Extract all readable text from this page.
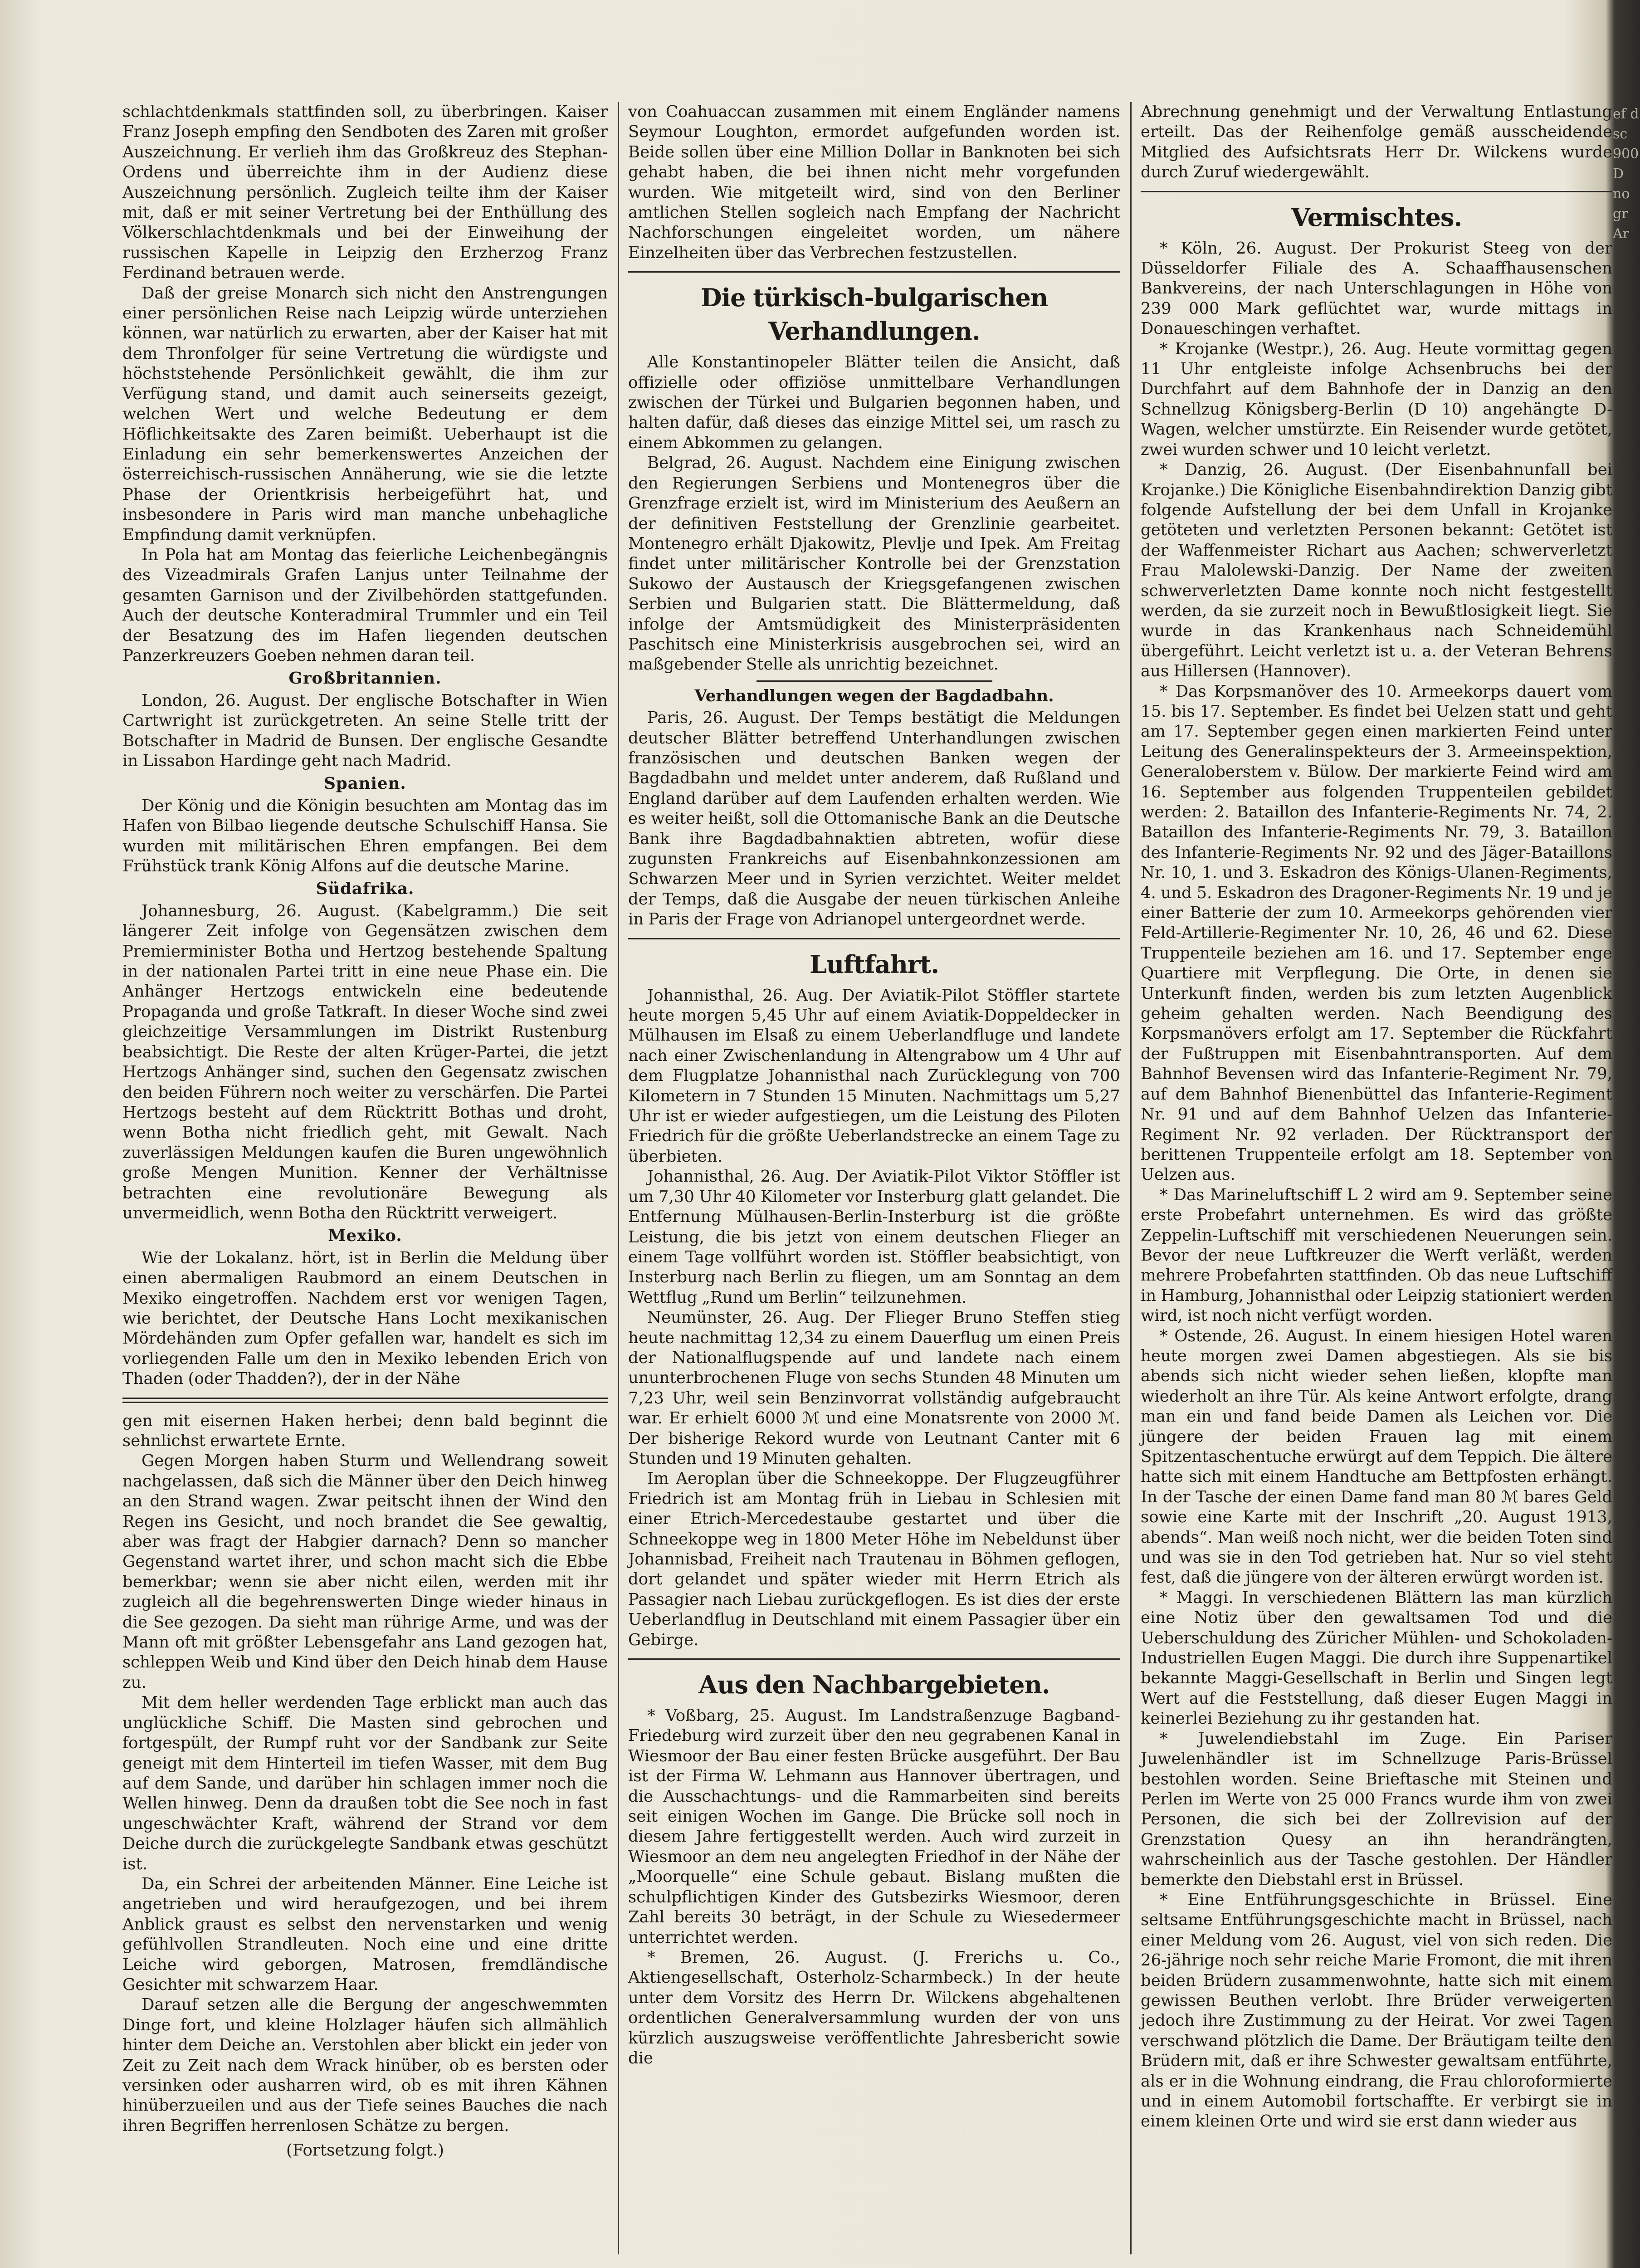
schlachtdenkmals stattfinden soll, zu überbringen. Kaiser Franz Joseph empfing den Sendboten des Zaren mit großer Auszeichnung. Er verlieh ihm das Großkreuz des Stephan-Ordens und überreichte ihm in der Audienz diese Auszeichnung persönlich. Zugleich teilte ihm der Kaiser mit, daß er mit seiner Vertretung bei der Enthüllung des Völkerschlachtdenkmals und bei der Einweihung der russischen Kapelle in Leipzig den Erzherzog Franz Ferdinand betrauen werde.

Daß der greise Monarch sich nicht den Anstrengungen einer persönlichen Reise nach Leipzig würde unterziehen können, war natürlich zu erwarten, aber der Kaiser hat mit dem Thronfolger für seine Vertretung die würdigste und höchststehende Persönlichkeit gewählt, die ihm zur Verfügung stand, und damit auch seinerseits gezeigt, welchen Wert und welche Bedeutung er dem Höflichkeitsakte des Zaren beimißt. Ueberhaupt ist die Einladung ein sehr bemerkenswertes Anzeichen der österreichisch-russischen Annäherung, wie sie die letzte Phase der Orientkrisis herbeigeführt hat, und insbesondere in Paris wird man manche unbehagliche Empfindung damit verknüpfen.

In Pola hat am Montag das feierliche Leichenbegängnis des Vizeadmirals Grafen Lanjus unter Teilnahme der gesamten Garnison und der Zivilbehörden stattgefunden. Auch der deutsche Konteradmiral Trummler und ein Teil der Besatzung des im Hafen liegenden deutschen Panzerkreuzers Goeben nehmen daran teil.

Großbritannien.

London, 26. August. Der englische Botschafter in Wien Cartwright ist zurückgetreten. An seine Stelle tritt der Botschafter in Madrid de Bunsen. Der englische Gesandte in Lissabon Hardinge geht nach Madrid.

Spanien.

Der König und die Königin besuchten am Montag das im Hafen von Bilbao liegende deutsche Schulschiff Hansa. Sie wurden mit militärischen Ehren empfangen. Bei dem Frühstück trank König Alfons auf die deutsche Marine.

Südafrika.

Johannesburg, 26. August. (Kabelgramm.) Die seit längerer Zeit infolge von Gegensätzen zwischen dem Premierminister Botha und Hertzog bestehende Spaltung in der nationalen Partei tritt in eine neue Phase ein. Die Anhänger Hertzogs entwickeln eine bedeutende Propaganda und große Tatkraft. In dieser Woche sind zwei gleichzeitige Versammlungen im Distrikt Rustenburg beabsichtigt. Die Reste der alten Krüger-Partei, die jetzt Hertzogs Anhänger sind, suchen den Gegensatz zwischen den beiden Führern noch weiter zu verschärfen. Die Partei Hertzogs besteht auf dem Rücktritt Bothas und droht, wenn Botha nicht friedlich geht, mit Gewalt. Nach zuverlässigen Meldungen kaufen die Buren ungewöhnlich große Mengen Munition. Kenner der Verhältnisse betrachten eine revolutionäre Bewegung als unvermeidlich, wenn Botha den Rücktritt verweigert.

Mexiko.

Wie der Lokalanz. hört, ist in Berlin die Meldung über einen abermaligen Raubmord an einem Deutschen in Mexiko eingetroffen. Nachdem erst vor wenigen Tagen, wie berichtet, der Deutsche Hans Locht mexikanischen Mördehänden zum Opfer gefallen war, handelt es sich im vorliegenden Falle um den in Mexiko lebenden Erich von Thaden (oder Thadden?), der in der Nähe

gen mit eisernen Haken herbei; denn bald beginnt die sehnlichst erwartete Ernte.

Gegen Morgen haben Sturm und Wellendrang soweit nachgelassen, daß sich die Männer über den Deich hinweg an den Strand wagen. Zwar peitscht ihnen der Wind den Regen ins Gesicht, und noch brandet die See gewaltig, aber was fragt der Habgier darnach? Denn so mancher Gegenstand wartet ihrer, und schon macht sich die Ebbe bemerkbar; wenn sie aber nicht eilen, werden mit ihr zugleich all die begehrenswerten Dinge wieder hinaus in die See gezogen. Da sieht man rührige Arme, und was der Mann oft mit größter Lebensgefahr ans Land gezogen hat, schleppen Weib und Kind über den Deich hinab dem Hause zu.

Mit dem heller werdenden Tage erblickt man auch das unglückliche Schiff. Die Masten sind gebrochen und fortgespült, der Rumpf ruht vor der Sandbank zur Seite geneigt mit dem Hinterteil im tiefen Wasser, mit dem Bug auf dem Sande, und darüber hin schlagen immer noch die Wellen hinweg. Denn da draußen tobt die See noch in fast ungeschwächter Kraft, während der Strand vor dem Deiche durch die zurückgelegte Sandbank etwas geschützt ist.

Da, ein Schrei der arbeitenden Männer. Eine Leiche ist angetrieben und wird heraufgezogen, und bei ihrem Anblick graust es selbst den nervenstarken und wenig gefühlvollen Strandleuten. Noch eine und eine dritte Leiche wird geborgen, Matrosen, fremdländische Gesichter mit schwarzem Haar.

Darauf setzen alle die Bergung der angeschwemmten Dinge fort, und kleine Holzlager häufen sich allmählich hinter dem Deiche an. Verstohlen aber blickt ein jeder von Zeit zu Zeit nach dem Wrack hinüber, ob es bersten oder versinken oder ausharren wird, ob es mit ihren Kähnen hinüberzueilen und aus der Tiefe seines Bauches die nach ihren Begriffen herrenlosen Schätze zu bergen.

(Fortsetzung folgt.)

von Coahuaccan zusammen mit einem Engländer namens Seymour Loughton, ermordet aufgefunden worden ist. Beide sollen über eine Million Dollar in Banknoten bei sich gehabt haben, die bei ihnen nicht mehr vorgefunden wurden. Wie mitgeteilt wird, sind von den Berliner amtlichen Stellen sogleich nach Empfang der Nachricht Nachforschungen eingeleitet worden, um nähere Einzelheiten über das Verbrechen festzustellen.

Die türkisch-bulgarischen Verhandlungen.

Alle Konstantinopeler Blätter teilen die Ansicht, daß offizielle oder offiziöse unmittelbare Verhandlungen zwischen der Türkei und Bulgarien begonnen haben, und halten dafür, daß dieses das einzige Mittel sei, um rasch zu einem Abkommen zu gelangen.

Belgrad, 26. August. Nachdem eine Einigung zwischen den Regierungen Serbiens und Montenegros über die Grenzfrage erzielt ist, wird im Ministerium des Aeußern an der definitiven Feststellung der Grenzlinie gearbeitet. Montenegro erhält Djakowitz, Plevlje und Ipek. Am Freitag findet unter militärischer Kontrolle bei der Grenzstation Sukowo der Austausch der Kriegsgefangenen zwischen Serbien und Bulgarien statt. Die Blättermeldung, daß infolge der Amtsmüdigkeit des Ministerpräsidenten Paschitsch eine Ministerkrisis ausgebrochen sei, wird an maßgebender Stelle als unrichtig bezeichnet.

Verhandlungen wegen der Bagdadbahn.

Paris, 26. August. Der Temps bestätigt die Meldungen deutscher Blätter betreffend Unterhandlungen zwischen französischen und deutschen Banken wegen der Bagdadbahn und meldet unter anderem, daß Rußland und England darüber auf dem Laufenden erhalten werden. Wie es weiter heißt, soll die Ottomanische Bank an die Deutsche Bank ihre Bagdadbahnaktien abtreten, wofür diese zugunsten Frankreichs auf Eisenbahnkonzessionen am Schwarzen Meer und in Syrien verzichtet. Weiter meldet der Temps, daß die Ausgabe der neuen türkischen Anleihe in Paris der Frage von Adrianopel untergeordnet werde.

Luftfahrt.

Johannisthal, 26. Aug. Der Aviatik-Pilot Stöffler startete heute morgen 5,45 Uhr auf einem Aviatik-Doppeldecker in Mülhausen im Elsaß zu einem Ueberlandfluge und landete nach einer Zwischenlandung in Altengrabow um 4 Uhr auf dem Flugplatze Johannisthal nach Zurücklegung von 700 Kilometern in 7 Stunden 15 Minuten. Nachmittags um 5,27 Uhr ist er wieder aufgestiegen, um die Leistung des Piloten Friedrich für die größte Ueberlandstrecke an einem Tage zu überbieten.

Johannisthal, 26. Aug. Der Aviatik-Pilot Viktor Stöffler ist um 7,30 Uhr 40 Kilometer vor Insterburg glatt gelandet. Die Entfernung Mülhausen-Berlin-Insterburg ist die größte Leistung, die bis jetzt von einem deutschen Flieger an einem Tage vollführt worden ist. Stöffler beabsichtigt, von Insterburg nach Berlin zu fliegen, um am Sonntag an dem Wettflug „Rund um Berlin“ teilzunehmen.

Neumünster, 26. Aug. Der Flieger Bruno Steffen stieg heute nachmittag 12,34 zu einem Dauerflug um einen Preis der Nationalflugspende auf und landete nach einem ununterbrochenen Fluge von sechs Stunden 48 Minuten um 7,23 Uhr, weil sein Benzinvorrat vollständig aufgebraucht war. Er erhielt 6000 ℳ und eine Monatsrente von 2000 ℳ. Der bisherige Rekord wurde von Leutnant Canter mit 6 Stunden und 19 Minuten gehalten.

Im Aeroplan über die Schneekoppe. Der Flugzeugführer Friedrich ist am Montag früh in Liebau in Schlesien mit einer Etrich-Mercedestaube gestartet und über die Schneekoppe weg in 1800 Meter Höhe im Nebeldunst über Johannisbad, Freiheit nach Trautenau in Böhmen geflogen, dort gelandet und später wieder mit Herrn Etrich als Passagier nach Liebau zurückgeflogen. Es ist dies der erste Ueberlandflug in Deutschland mit einem Passagier über ein Gebirge.

Aus den Nachbargebieten.

* Voßbarg, 25. August. Im Landstraßenzuge Bagband-Friedeburg wird zurzeit über den neu gegrabenen Kanal in Wiesmoor der Bau einer festen Brücke ausgeführt. Der Bau ist der Firma W. Lehmann aus Hannover übertragen, und die Ausschachtungs- und die Rammarbeiten sind bereits seit einigen Wochen im Gange. Die Brücke soll noch in diesem Jahre fertiggestellt werden. Auch wird zurzeit in Wiesmoor an dem neu angelegten Friedhof in der Nähe der „Moorquelle“ eine Schule gebaut. Bislang mußten die schulpflichtigen Kinder des Gutsbezirks Wiesmoor, deren Zahl bereits 30 beträgt, in der Schule zu Wiesedermeer unterrichtet werden.

* Bremen, 26. August. (J. Frerichs u. Co., Aktiengesellschaft, Osterholz-Scharmbeck.) In der heute unter dem Vorsitz des Herrn Dr. Wilckens abgehaltenen ordentlichen Generalversammlung wurden der von uns kürzlich auszugsweise veröffentlichte Jahresbericht sowie die

Abrechnung genehmigt und der Verwaltung Entlastung erteilt. Das der Reihenfolge gemäß ausscheidende Mitglied des Aufsichtsrats Herr Dr. Wilckens wurde durch Zuruf wiedergewählt.

Vermischtes.

* Köln, 26. August. Der Prokurist Steeg von der Düsseldorfer Filiale des A. Schaaffhausenschen Bankvereins, der nach Unterschlagungen in Höhe von 239 000 Mark geflüchtet war, wurde mittags in Donaueschingen verhaftet.

* Krojanke (Westpr.), 26. Aug. Heute vormittag gegen 11 Uhr entgleiste infolge Achsenbruchs bei der Durchfahrt auf dem Bahnhofe der in Danzig an den Schnellzug Königsberg-Berlin (D 10) angehängte D-Wagen, welcher umstürzte. Ein Reisender wurde getötet, zwei wurden schwer und 10 leicht verletzt.

* Danzig, 26. August. (Der Eisenbahnunfall bei Krojanke.) Die Königliche Eisenbahndirektion Danzig gibt folgende Aufstellung der bei dem Unfall in Krojanke getöteten und verletzten Personen bekannt: Getötet ist der Waffenmeister Richart aus Aachen; schwerverletzt Frau Malolewski-Danzig. Der Name der zweiten schwerverletzten Dame konnte noch nicht festgestellt werden, da sie zurzeit noch in Bewußtlosigkeit liegt. Sie wurde in das Krankenhaus nach Schneidemühl übergeführt. Leicht verletzt ist u. a. der Veteran Behrens aus Hillersen (Hannover).

* Das Korpsmanöver des 10. Armeekorps dauert vom 15. bis 17. September. Es findet bei Uelzen statt und geht am 17. September gegen einen markierten Feind unter Leitung des Generalinspekteurs der 3. Armeeinspektion, Generaloberstem v. Bülow. Der markierte Feind wird am 16. September aus folgenden Truppenteilen gebildet werden: 2. Bataillon des Infanterie-Regiments Nr. 74, 2. Bataillon des Infanterie-Regiments Nr. 79, 3. Bataillon des Infanterie-Regiments Nr. 92 und des Jäger-Bataillons Nr. 10, 1. und 3. Eskadron des Königs-Ulanen-Regiments, 4. und 5. Eskadron des Dragoner-Regiments Nr. 19 und je einer Batterie der zum 10. Armeekorps gehörenden vier Feld-Artillerie-Regimenter Nr. 10, 26, 46 und 62. Diese Truppenteile beziehen am 16. und 17. September enge Quartiere mit Verpflegung. Die Orte, in denen sie Unterkunft finden, werden bis zum letzten Augenblick geheim gehalten werden. Nach Beendigung des Korpsmanövers erfolgt am 17. September die Rückfahrt der Fußtruppen mit Eisenbahntransporten. Auf dem Bahnhof Bevensen wird das Infanterie-Regiment Nr. 79, auf dem Bahnhof Bienenbüttel das Infanterie-Regiment Nr. 91 und auf dem Bahnhof Uelzen das Infanterie-Regiment Nr. 92 verladen. Der Rücktransport der berittenen Truppenteile erfolgt am 18. September von Uelzen aus.

* Das Marineluftschiff L 2 wird am 9. September seine erste Probefahrt unternehmen. Es wird das größte Zeppelin-Luftschiff mit verschiedenen Neuerungen sein. Bevor der neue Luftkreuzer die Werft verläßt, werden mehrere Probefahrten stattfinden. Ob das neue Luftschiff in Hamburg, Johannisthal oder Leipzig stationiert werden wird, ist noch nicht verfügt worden.

* Ostende, 26. August. In einem hiesigen Hotel waren heute morgen zwei Damen abgestiegen. Als sie bis abends sich nicht wieder sehen ließen, klopfte man wiederholt an ihre Tür. Als keine Antwort erfolgte, drang man ein und fand beide Damen als Leichen vor. Die jüngere der beiden Frauen lag mit einem Spitzentaschentuche erwürgt auf dem Teppich. Die ältere hatte sich mit einem Handtuche am Bettpfosten erhängt. In der Tasche der einen Dame fand man 80 ℳ bares Geld sowie eine Karte mit der Inschrift „20. August 1913, abends“. Man weiß noch nicht, wer die beiden Toten sind und was sie in den Tod getrieben hat. Nur so viel steht fest, daß die jüngere von der älteren erwürgt worden ist.

* Maggi. In verschiedenen Blättern las man kürzlich eine Notiz über den gewaltsamen Tod und die Ueberschuldung des Züricher Mühlen- und Schokoladen-Industriellen Eugen Maggi. Die durch ihre Suppenartikel bekannte Maggi-Gesellschaft in Berlin und Singen legt Wert auf die Feststellung, daß dieser Eugen Maggi in keinerlei Beziehung zu ihr gestanden hat.

* Juwelendiebstahl im Zuge. Ein Pariser Juwelenhändler ist im Schnellzuge Paris-Brüssel bestohlen worden. Seine Brieftasche mit Steinen und Perlen im Werte von 25 000 Francs wurde ihm von zwei Personen, die sich bei der Zollrevision auf der Grenzstation Quesy an ihn herandrängten, wahrscheinlich aus der Tasche gestohlen. Der Händler bemerkte den Diebstahl erst in Brüssel.

* Eine Entführungsgeschichte in Brüssel. Eine seltsame Entführungsgeschichte macht in Brüssel, nach einer Meldung vom 26. August, viel von sich reden. Die 26-jährige noch sehr reiche Marie Fromont, die mit ihren beiden Brüdern zusammenwohnte, hatte sich mit einem gewissen Beuthen verlobt. Ihre Brüder verweigerten jedoch ihre Zustimmung zu der Heirat. Vor zwei Tagen verschwand plötzlich die Dame. Der Bräutigam teilte den Brüdern mit, daß er ihre Schwester gewaltsam entführte, als er in die Wohnung eindrang, die Frau chloroformierte und in einem Automobil fortschaffte. Er verbirgt sie in einem kleinen Orte und wird sie erst dann wieder aus

ef d sc 900 D no gr Ar
